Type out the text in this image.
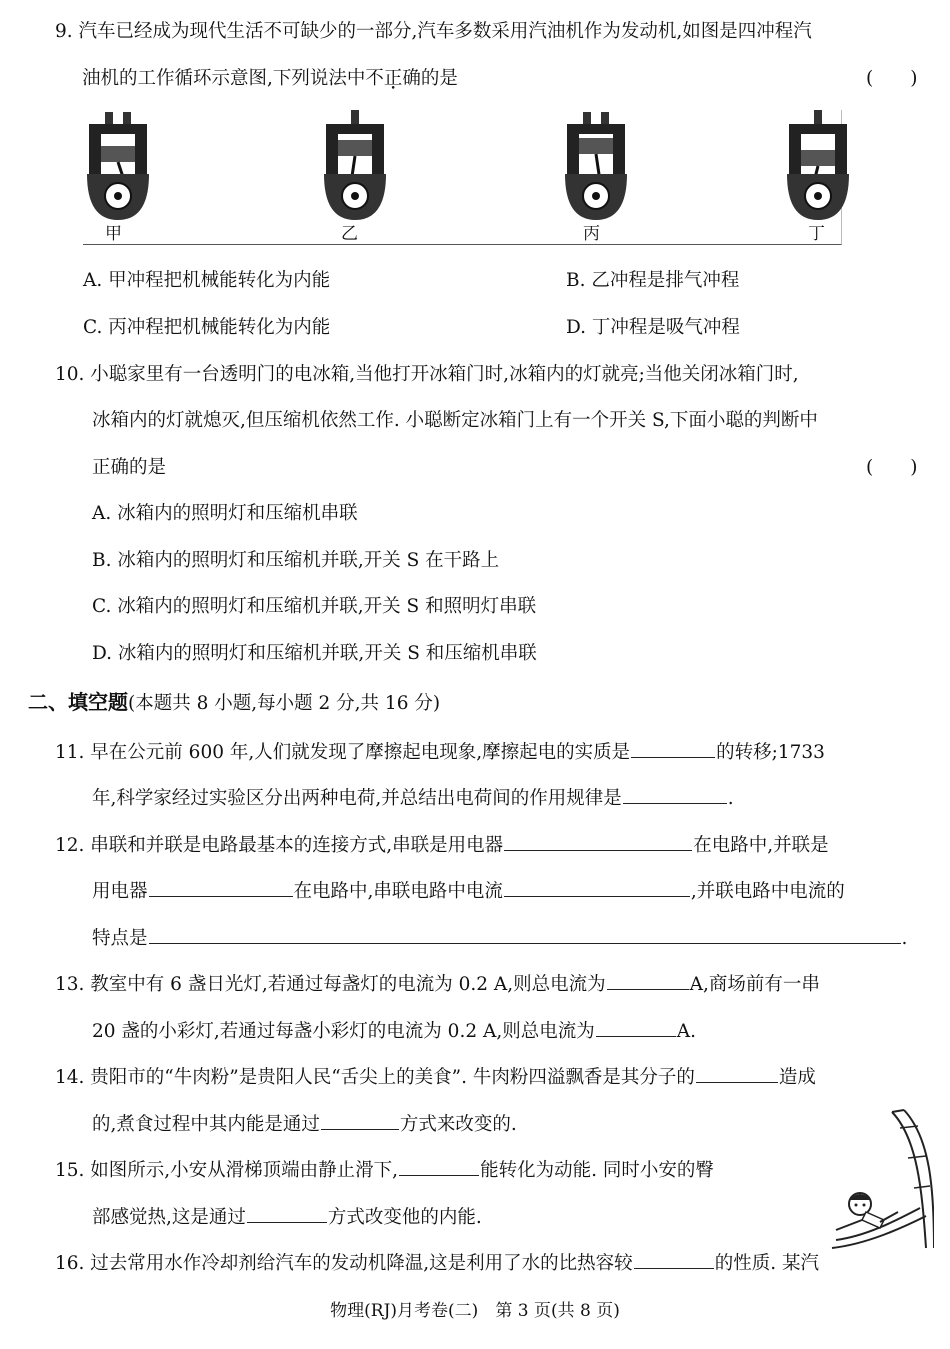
9. 汽车已经成为现代生活不可缺少的一部分,汽车多数采用汽油机作为发动机,如图是四冲程汽
油机的工作循环示意图,下列说法中不正确的是	(　　)
甲	乙	丙	丁
A. 甲冲程把机械能转化为内能	B. 乙冲程是排气冲程
C. 丙冲程把机械能转化为内能	D. 丁冲程是吸气冲程
10. 小聪家里有一台透明门的电冰箱,当他打开冰箱门时,冰箱内的灯就亮;当他关闭冰箱门时,
冰箱内的灯就熄灭,但压缩机依然工作. 小聪断定冰箱门上有一个开关 S,下面小聪的判断中
正确的是	(　　)
A. 冰箱内的照明灯和压缩机串联
B. 冰箱内的照明灯和压缩机并联,开关 S 在干路上
C. 冰箱内的照明灯和压缩机并联,开关 S 和照明灯串联
D. 冰箱内的照明灯和压缩机并联,开关 S 和压缩机串联
二、填空题(本题共 8 小题,每小题 2 分,共 16 分)
11. 早在公元前 600 年,人们就发现了摩擦起电现象,摩擦起电的实质是	的转移;1733
年,科学家经过实验区分出两种电荷,并总结出电荷间的作用规律是	.
12. 串联和并联是电路最基本的连接方式,串联是用电器	在电路中,并联是
用电器	在电路中,串联电路中电流	,并联电路中电流的
特点是	.
13. 教室中有 6 盏日光灯,若通过每盏灯的电流为 0.2 A,则总电流为	A,商场前有一串
20 盏的小彩灯,若通过每盏小彩灯的电流为 0.2 A,则总电流为	A.
14. 贵阳市的“牛肉粉”是贵阳人民“舌尖上的美食”. 牛肉粉四溢飘香是其分子的	造成
的,煮食过程中其内能是通过	方式来改变的.
15. 如图所示,小安从滑梯顶端由静止滑下,	能转化为动能. 同时小安的臀
部感觉热,这是通过	方式改变他的内能.
16. 过去常用水作冷却剂给汽车的发动机降温,这是利用了水的比热容较	的性质. 某汽
物理(RJ)月考卷(二)　第 3 页(共 8 页)
